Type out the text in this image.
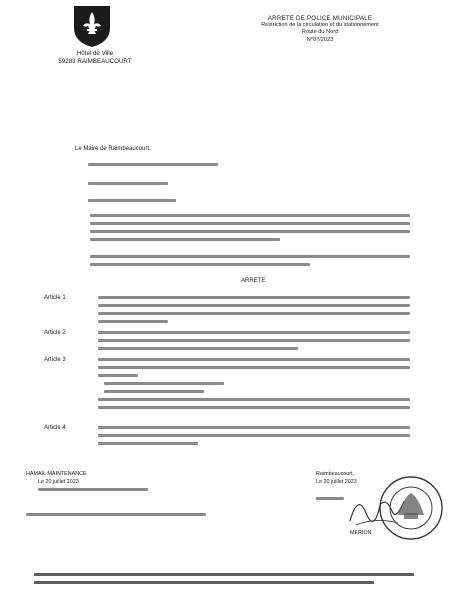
Hôtel de Ville
59283 RAIMBEAUCOURT
ARRETE DE POLICE MUNICIPALE
Restriction de la circulation et du stationnement
Route du Nord
N°07/2023
Le Maire de Raimbeaucourt,
ARRETE
Article 1
Article 2
Article 3
Article 4
HAMAIL MAINTENANCE
Le 20 juillet 2023
Raimbeaucourt,
Le 20 juillet 2023
MERION
